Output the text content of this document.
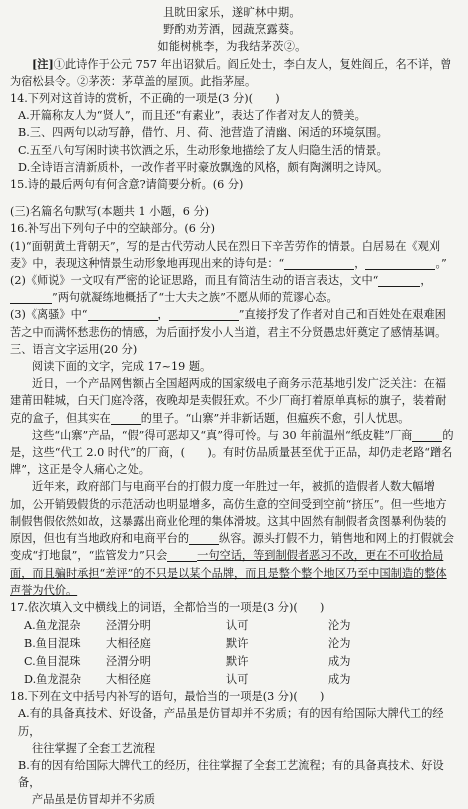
且眈田家乐，遂旷林中期。

野酌劝芳酒，园蔬烹露葵。

如能树桃李，为我结茅茨②。

[注]①此诗作于公元 757 年出诏狱后。阎丘处士，李白友人，复姓阎丘，名不详，曾为宿松县令。②茅茨：茅草盖的屋顶。此指茅屋。

14.下列对这首诗的赏析，不正确的一项是(3 分)(　　)

A.开篇称友人为“贤人”，而且还“有素业”，表达了作者对友人的赞美。

B.三、四两句以动写静，借竹、月、荷、池营造了清幽、闲适的环境氛围。

C.五至八句写闲时读书饮酒之乐，生动形象地描绘了友人归隐生活的情景。

D.全诗语言清新质朴，一改作者平时豪放飘逸的风格，颇有陶渊明之诗风。

15.诗的最后两句有何含意?请简要分析。(6 分)

(三)名篇名句默写(本题共 1 小题，6 分)

16.补写出下列句子中的空缺部分。(6 分)

(1)“面朝黄土背朝天”，写的是古代劳动人民在烈日下辛苦劳作的情景。白居易在《观刈麦》中，表现这种情景生动形象地再现出来的诗句是：“	，	。”

(2)《师说》一文叹有严密的论证思路，而且有简洁生动的语言表达，文中“	，”两句就凝练地概括了“士大夫之族”不愿从师的荒谬心态。

(3)《离骚》中“	，	”直接抒发了作者对自己和百姓处在艰难困苦之中而满怀愁悲伤的情感，为后面抒发小人当道，君主不分贤愚忠奸奠定了感情基调。

三、语言文字运用(20 分)

阅读下面的文字，完成 17~19 题。

近日，一个产品网售额占全国超两成的国家级电子商务示范基地引发广泛关注：在福建莆田鞋城，白天门庭冷落，夜晚却是卖假狂欢。不少厂商打着原单真标的旗子，装着耐克的盒子，但其实在	的里子。“山寨”并非新话题，但瘟疾不愈，引人忧思。

这些“山寨”产品，“假”得可恶却又“真”得可怜。与 30 年前温州“纸皮鞋”厂商	的是，这些“代工 2.0 时代”的厂商，(　　)。有时仿品质量甚至优于正品，却仍走老路“蹭名牌”，这正是令人痛心之处。

近年来，政府部门与电商平台的打假力度一年胜过一年，被抓的造假者人数大幅增加，公开销毁假货的示范活动也明显增多，高仿生意的空间受到空前“挤压”。但一些地方制假售假依然如故，这暴露出商业伦理的集体滑坡。这其中固然有制假者贪图暴利伪装的原因，但也有当地政府和电商平台的	纵容。源头打假不力，销售地和网上的打假就会变成“打地鼠”，“监管发力”只会	一句空话，等到制假者恶习不改，更在不可收拾局面，而且骗时承担“差评”的不只是以某个品牌，而且是整个整个地区乃至中国制造的整体声誉为代价。

17.依次填入文中横线上的词语，全都恰当的一项是(3 分)(　　)

A.鱼龙混杂	泾渭分明	认可	沦为
B.鱼目混珠	大相径庭	默许	沦为
C.鱼目混珠	泾渭分明	默许	成为
D.鱼龙混杂	大相径庭	认可	成为

18.下列在文中括号内补写的语句，最恰当的一项是(3 分)(　　)

A.有的具备真技术、好设备，产品虽是仿冒却并不劣质；有的因有给国际大牌代工的经历，

往往掌握了全套工艺流程

B.有的因有给国际大牌代工的经历，往往掌握了全套工艺流程；有的具备真技术、好设备，

产品虽是仿冒却并不劣质
